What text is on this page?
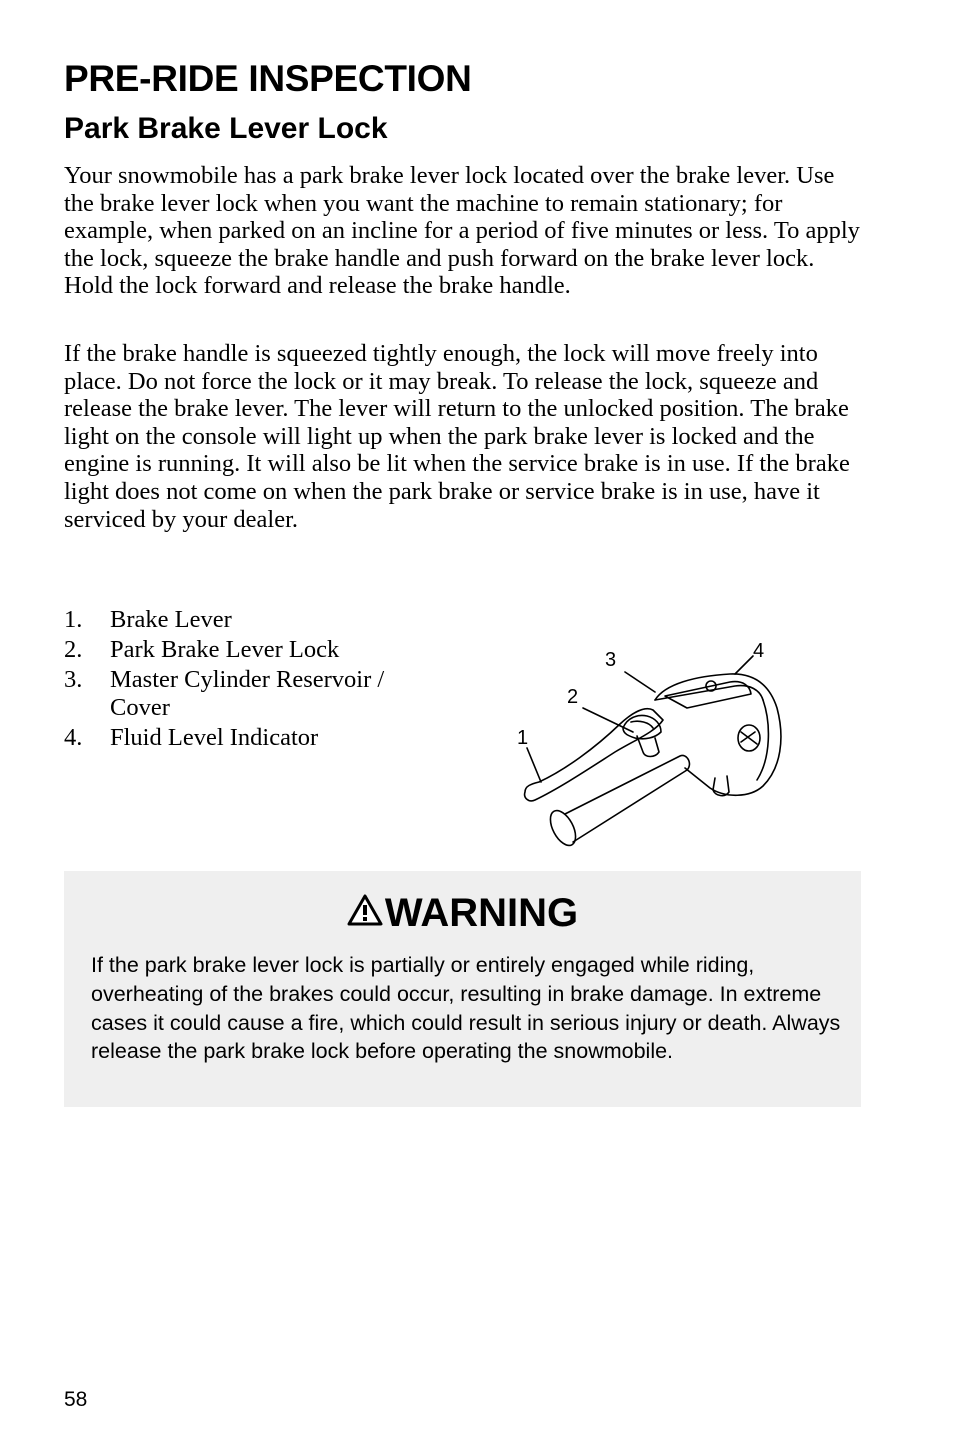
PRE-RIDE INSPECTION
Park Brake Lever Lock

Your snowmobile has a park brake lever lock located over the brake lever. Use the brake lever lock when you want the machine to remain stationary; for example, when parked on an incline for a period of five minutes or less. To apply the lock, squeeze the brake handle and push forward on the brake lever lock. Hold the lock forward and release the brake handle.

If the brake handle is squeezed tightly enough, the lock will move freely into place. Do not force the lock or it may break. To release the lock, squeeze and release the brake lever. The lever will return to the unlocked position. The brake light on the console will light up when the park brake lever is locked and the engine is running. It will also be lit when the service brake is in use. If the brake light does not come on when the park brake or service brake is in use, have it serviced by your dealer.

1. Brake Lever
2. Park Brake Lever Lock
3. Master Cylinder Reservoir / Cover
4. Fluid Level Indicator	1
2
3	4
WARNING

If the park brake lever lock is partially or entirely engaged while riding, overheating of the brakes could occur, resulting in brake damage. In extreme cases it could cause a fire, which could result in serious injury or death. Always release the park brake lock before operating the snowmobile.

58
